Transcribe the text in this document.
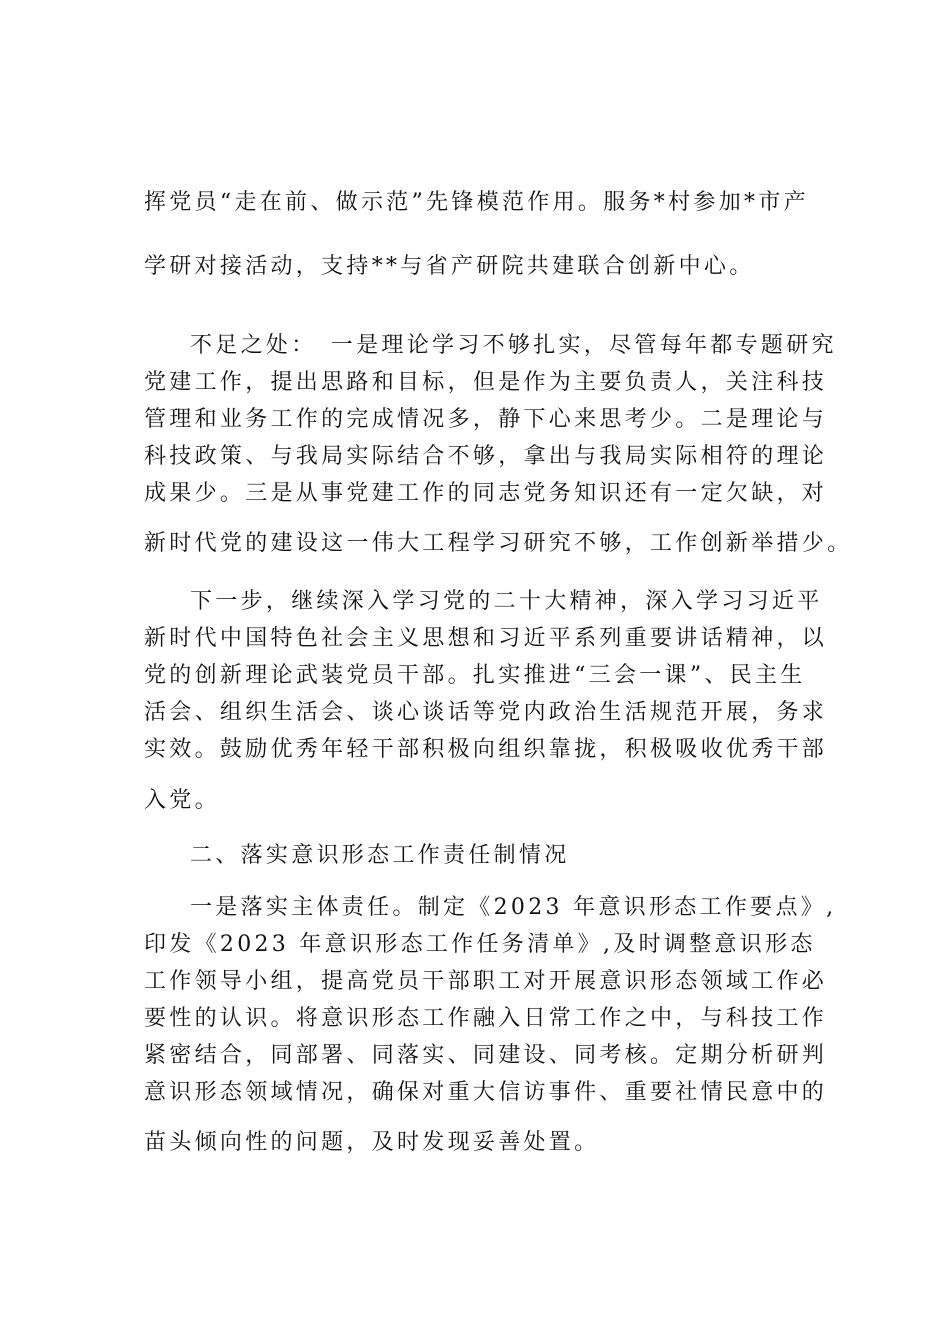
挥党员“走在前、做示范”先锋模范作用。服务*村参加*市产

学研对接活动，支持**与省产研院共建联合创新中心。

不足之处：　一是理论学习不够扎实，尽管每年都专题研究

党建工作，提出思路和目标，但是作为主要负责人，关注科技

管理和业务工作的完成情况多，静下心来思考少。二是理论与

科技政策、与我局实际结合不够，拿出与我局实际相符的理论

成果少。三是从事党建工作的同志党务知识还有一定欠缺，对

新时代党的建设这一伟大工程学习研究不够，工作创新举措少。

下一步，继续深入学习党的二十大精神，深入学习习近平

新时代中国特色社会主义思想和习近平系列重要讲话精神，以

党的创新理论武装党员干部。扎实推进“三会一课”、民主生

活会、组织生活会、谈心谈话等党内政治生活规范开展，务求

实效。鼓励优秀年轻干部积极向组织靠拢，积极吸收优秀干部

入党。

二、落实意识形态工作责任制情况

一是落实主体责任。制定《2023 年意识形态工作要点》,

印发《2023 年意识形态工作任务清单》,及时调整意识形态

工作领导小组，提高党员干部职工对开展意识形态领域工作必

要性的认识。将意识形态工作融入日常工作之中，与科技工作

紧密结合，同部署、同落实、同建设、同考核。定期分析研判

意识形态领域情况，确保对重大信访事件、重要社情民意中的

苗头倾向性的问题，及时发现妥善处置。
